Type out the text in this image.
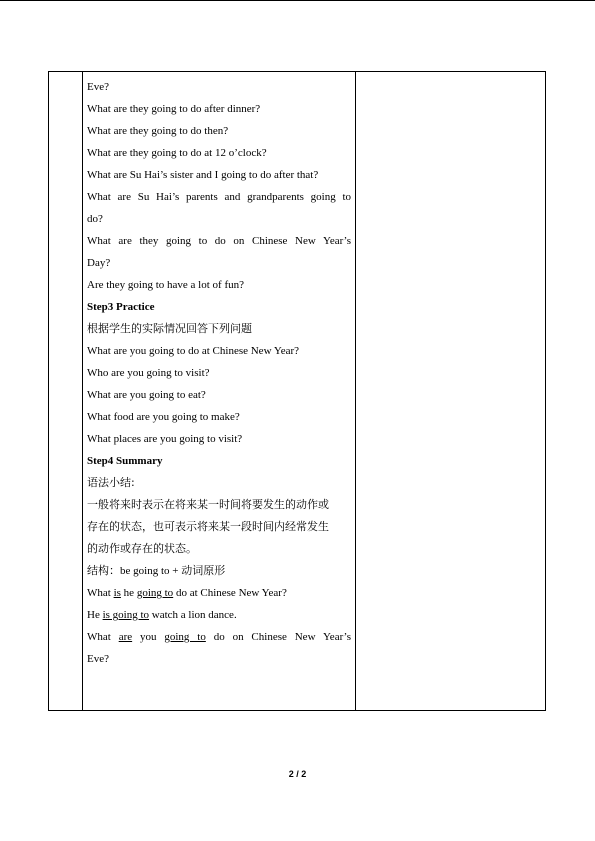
Eve?
What are they going to do after dinner?
What are they going to do then?
What are they going to do at 12 o’clock?
What are Su Hai’s sister and I going to do after that?
What are Su Hai’s parents and grandparents going to
do?
What are they going to do on Chinese New Year’s
Day?
Are they going to have a lot of fun?
Step3 Practice
根据学生的实际情况回答下列问题
What are you going to do at Chinese New Year?
Who are you going to visit?
What are you going to eat?
What food are you going to make?
What places are you going to visit?
Step4 Summary
语法小结:
一般将来时表示在将来某一时间将要发生的动作或
存在的状态，也可表示将来某一段时间内经常发生
的动作或存在的状态。
结构：be going to + 动词原形
What is he going to do at Chinese New Year?
He is going to watch a lion dance.
What are you going to do on Chinese New Year’s
Eve?
2 / 2
